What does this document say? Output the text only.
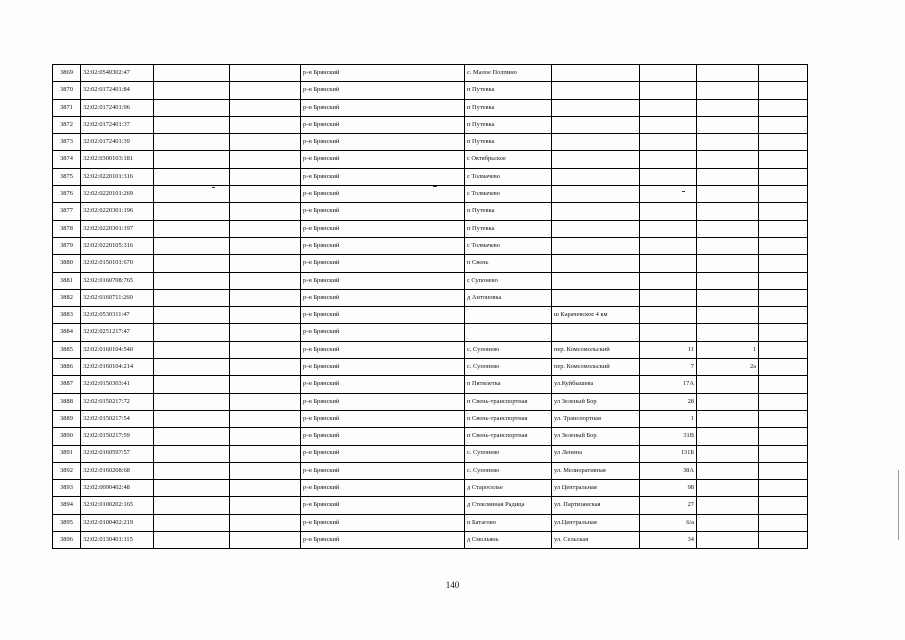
3869	32:02:0540302:47			р-н Брянский	с. Малое Полпино				
3870	32:02:0172401:84			р-н Брянский	п Путевка				
3871	32:02:0172401:96			р-н Брянский	п Путевка				
3872	32:02:0172401:37			р-н Брянский	п Путевка				
3873	32:02:0172401:39			р-н Брянский	п Путевка				
3874	32:02:0300103:181			р-н Брянский	с Октябрьское				
3875	32:02:0220101:316			р-н Брянский	с Толмачево				
3876	32:02:0220101:269			р-н Брянский	с Толмачево				
3877	32:02:0220301:196			р-н Брянский	п Путевка				
3878	32:02:0220301:197			р-н Брянский	п Путевка				
3879	32:02:0220105:316			р-н Брянский	с Толмачево				
3880	32:02:0150101:670			р-н Брянский	п Свень				
3881	32:02:0160708:765			р-н Брянский	с Супонево				
3882	32:02:0160711:260			р-н Брянский	д Антоновка				
3883	32:02:0530311:47			р-н Брянский		ш Карачевское 4 км			
3884	32:02:0251217:47			р-н Брянский					
3885	32:02:0160104:540			р-н Брянский	с. Супонево	пер. Комсомольский	11	1	
3886	32:02:0160104:214			р-н Брянский	с. Супонево	пер. Комсомольский	7	2а	
3887	32:02:0150303:41			р-н Брянский	п Пятилетка	ул.Куйбышева	17А		
3888	32:02:0150217:72			р-н Брянский	п Свень-транспортная	ул Зеленый Бор	28		
3889	32:02:0150217:54			р-н Брянский	п Свень-транспортная	ул. Транспортная	1		
3890	32:02:0150217:59			р-н Брянский	п Свень-транспортная	ул Зеленый Бор	31В		
3891	32:02:0160597:57			р-н Брянский	с. Супонево	ул Ленина	131Б		
3892	32:02:0160208:68			р-н Брянский	с. Супонево	ул. Мелиоративная	38А		
3893	32:02:0090402:48			р-н Брянский	д Староселье	ул Центральная	98		
3894	32:02:0100202:165			р-н Брянский	д Стеклянная Радица	ул. Партизанская	27		
3895	32:02:0100402:219			р-н Брянский	п Батагово	ул.Центральная	6/а		
3896	32:02:0130401:115			р-н Брянский	д Смольянь	ул. Сельская	34		
140
